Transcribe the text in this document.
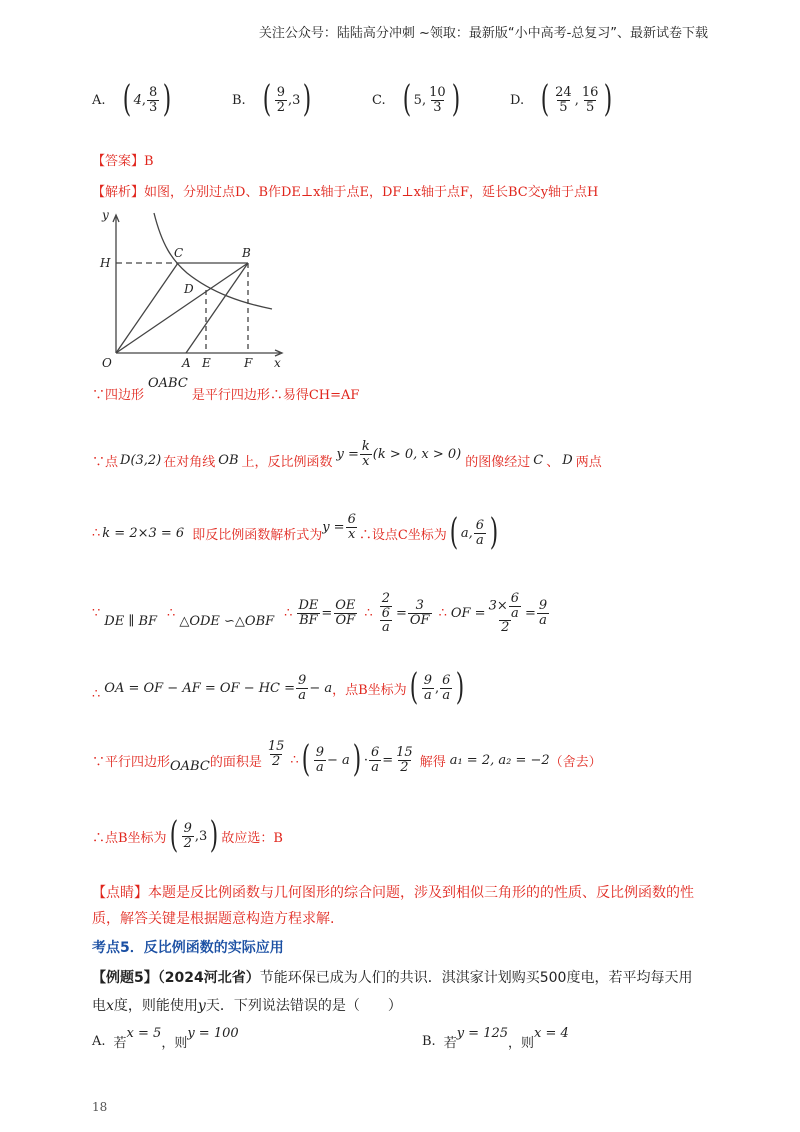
关注公众号：陆陆高分冲刺 ~领取：最新版“小中高考-总复习”、最新试卷下载
A. ( 4 , $\frac{8}{3}$ )	B. ( $\frac{9}{2}$ , 3 )	C. ( 5 , $\frac{10}{3}$ )	D. ( $\frac{24}{5}$ , $\frac{16}{5}$ )
【答案】B
【解析】如图，分别过点D、B作DE⊥x轴于点E，DF⊥x轴于点F，延长BC交y轴于点H
y
x
H
C	B
D
O	A E	F
∵四边形
OABC
是平行四边形∴易得CH=AF
∵点 D(3,2) 在对角线 OB 上，反比例函数
$y = \frac{k}{x} (k > 0$, x > 0)
的图像经过 C 、 D 两点
∴ k = 2×3 = 6 即反比例函数解析式为
$y = \frac{6}{x}$ ∴设点C坐标为 ( a, $\frac{6}{a}$ )
∵
DE ∥ BF
∴
△ODE ∽△OBF
∴ $\frac{DE}{BF} = \frac{OE}{OF}$ ∴ $\frac{\frac{2}{6}}{a} = \frac{3}{OF}$ ∴ OF = $\frac{3\times \frac{6}{a}}{2} = \frac{9}{a}$
∴ OA = OF − AF = OF − HC = $\frac{9}{a} - a$ ，点B坐标为 ( $\frac{9}{a}$ , $\frac{6}{a}$ )
∵平行四边形 OABC 的面积是 $\frac{15}{2}$ ∴ ( $\frac{9}{a} - a$ ) · $\frac{6}{a} = \frac{15}{2}$ 解得 a₁ = 2, a₂ = −2 （舍去）
∴点B坐标为 ( $\frac{9}{2} ,3$ ) 故应选：B
【点睛】本题是反比例函数与几何图形的综合问题，涉及到相似三角形的的性质、反比例函数的性
质，解答关键是根据题意构造方程求解.
考点5．反比例函数的实际应用
【例题5】（2024河北省）节能环保已成为人们的共识．淇淇家计划购买500度电，若平均每天用
电x度，则能使用y天．下列说法错误的是（　　）
A. 若
x = 5
，则
y = 100
B. 若
y = 125
，则
x = 4
18
